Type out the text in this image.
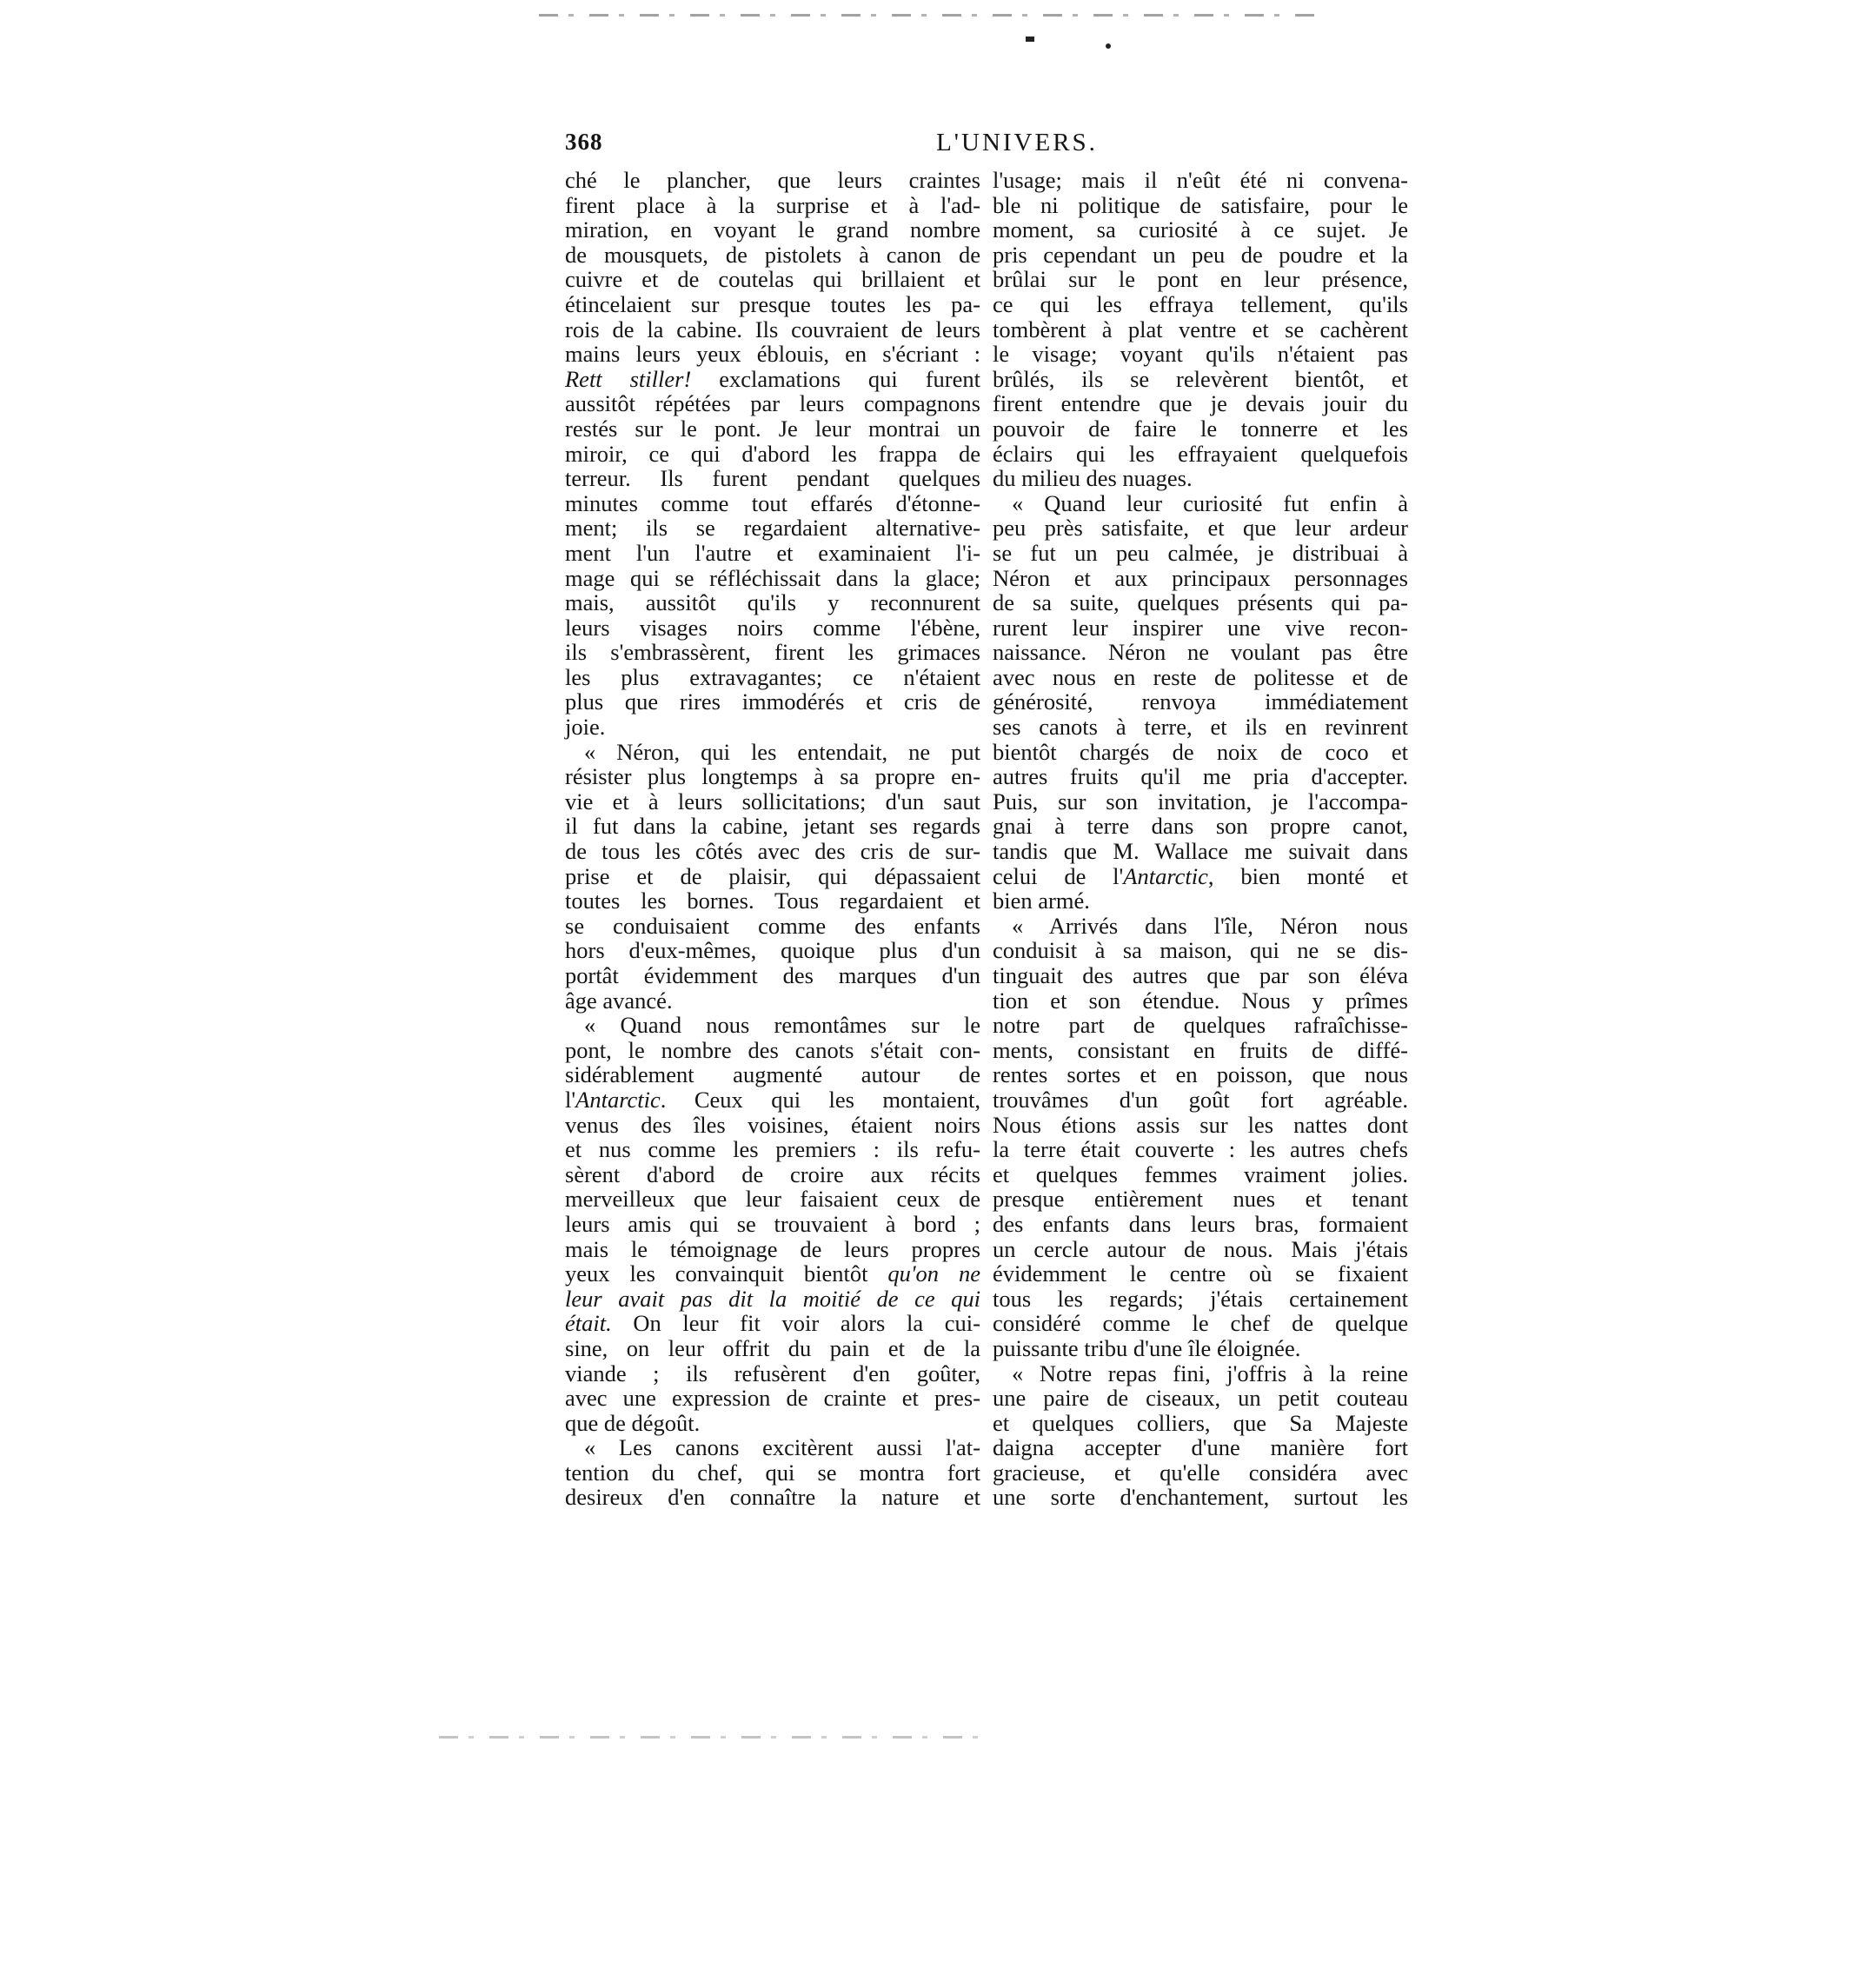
368	L'UNIVERS.
ché le plancher, que leurs craintes
firent place à la surprise et à l'ad-
miration, en voyant le grand nombre
de mousquets, de pistolets à canon de
cuivre et de coutelas qui brillaient et
étincelaient sur presque toutes les pa-
rois de la cabine. Ils couvraient de leurs
mains leurs yeux éblouis, en s'écriant :
Rett stiller! exclamations qui furent
aussitôt répétées par leurs compagnons
restés sur le pont. Je leur montrai un
miroir, ce qui d'abord les frappa de
terreur. Ils furent pendant quelques
minutes comme tout effarés d'étonne-
ment; ils se regardaient alternative-
ment l'un l'autre et examinaient l'i-
mage qui se réfléchissait dans la glace;
mais, aussitôt qu'ils y reconnurent
leurs visages noirs comme l'ébène,
ils s'embrassèrent, firent les grimaces
les plus extravagantes; ce n'étaient
plus que rires immodérés et cris de
joie.
« Néron, qui les entendait, ne put
résister plus longtemps à sa propre en-
vie et à leurs sollicitations; d'un saut
il fut dans la cabine, jetant ses regards
de tous les côtés avec des cris de sur-
prise et de plaisir, qui dépassaient
toutes les bornes. Tous regardaient et
se conduisaient comme des enfants
hors d'eux-mêmes, quoique plus d'un
portât évidemment des marques d'un
âge avancé.
« Quand nous remontâmes sur le
pont, le nombre des canots s'était con-
sidérablement augmenté autour de
l'Antarctic. Ceux qui les montaient,
venus des îles voisines, étaient noirs
et nus comme les premiers : ils refu-
sèrent d'abord de croire aux récits
merveilleux que leur faisaient ceux de
leurs amis qui se trouvaient à bord ;
mais le témoignage de leurs propres
yeux les convainquit bientôt qu'on ne
leur avait pas dit la moitié de ce qui
était. On leur fit voir alors la cui-
sine, on leur offrit du pain et de la
viande ; ils refusèrent d'en goûter,
avec une expression de crainte et pres-
que de dégoût.
« Les canons excitèrent aussi l'at-
tention du chef, qui se montra fort
desireux d'en connaître la nature et
l'usage; mais il n'eût été ni convena-
ble ni politique de satisfaire, pour le
moment, sa curiosité à ce sujet. Je
pris cependant un peu de poudre et la
brûlai sur le pont en leur présence,
ce qui les effraya tellement, qu'ils
tombèrent à plat ventre et se cachèrent
le visage; voyant qu'ils n'étaient pas
brûlés, ils se relevèrent bientôt, et
firent entendre que je devais jouir du
pouvoir de faire le tonnerre et les
éclairs qui les effrayaient quelquefois
du milieu des nuages.
« Quand leur curiosité fut enfin à
peu près satisfaite, et que leur ardeur
se fut un peu calmée, je distribuai à
Néron et aux principaux personnages
de sa suite, quelques présents qui pa-
rurent leur inspirer une vive recon-
naissance. Néron ne voulant pas être
avec nous en reste de politesse et de
générosité, renvoya immédiatement
ses canots à terre, et ils en revinrent
bientôt chargés de noix de coco et
autres fruits qu'il me pria d'accepter.
Puis, sur son invitation, je l'accompa-
gnai à terre dans son propre canot,
tandis que M. Wallace me suivait dans
celui de l'Antarctic, bien monté et
bien armé.
« Arrivés dans l'île, Néron nous
conduisit à sa maison, qui ne se dis-
tinguait des autres que par son éléva
tion et son étendue. Nous y prîmes
notre part de quelques rafraîchisse-
ments, consistant en fruits de diffé-
rentes sortes et en poisson, que nous
trouvâmes d'un goût fort agréable.
Nous étions assis sur les nattes dont
la terre était couverte : les autres chefs
et quelques femmes vraiment jolies.
presque entièrement nues et tenant
des enfants dans leurs bras, formaient
un cercle autour de nous. Mais j'étais
évidemment le centre où se fixaient
tous les regards; j'étais certainement
considéré comme le chef de quelque
puissante tribu d'une île éloignée.
« Notre repas fini, j'offris à la reine
une paire de ciseaux, un petit couteau
et quelques colliers, que Sa Majeste
daigna accepter d'une manière fort
gracieuse, et qu'elle considéra avec
une sorte d'enchantement, surtout les
